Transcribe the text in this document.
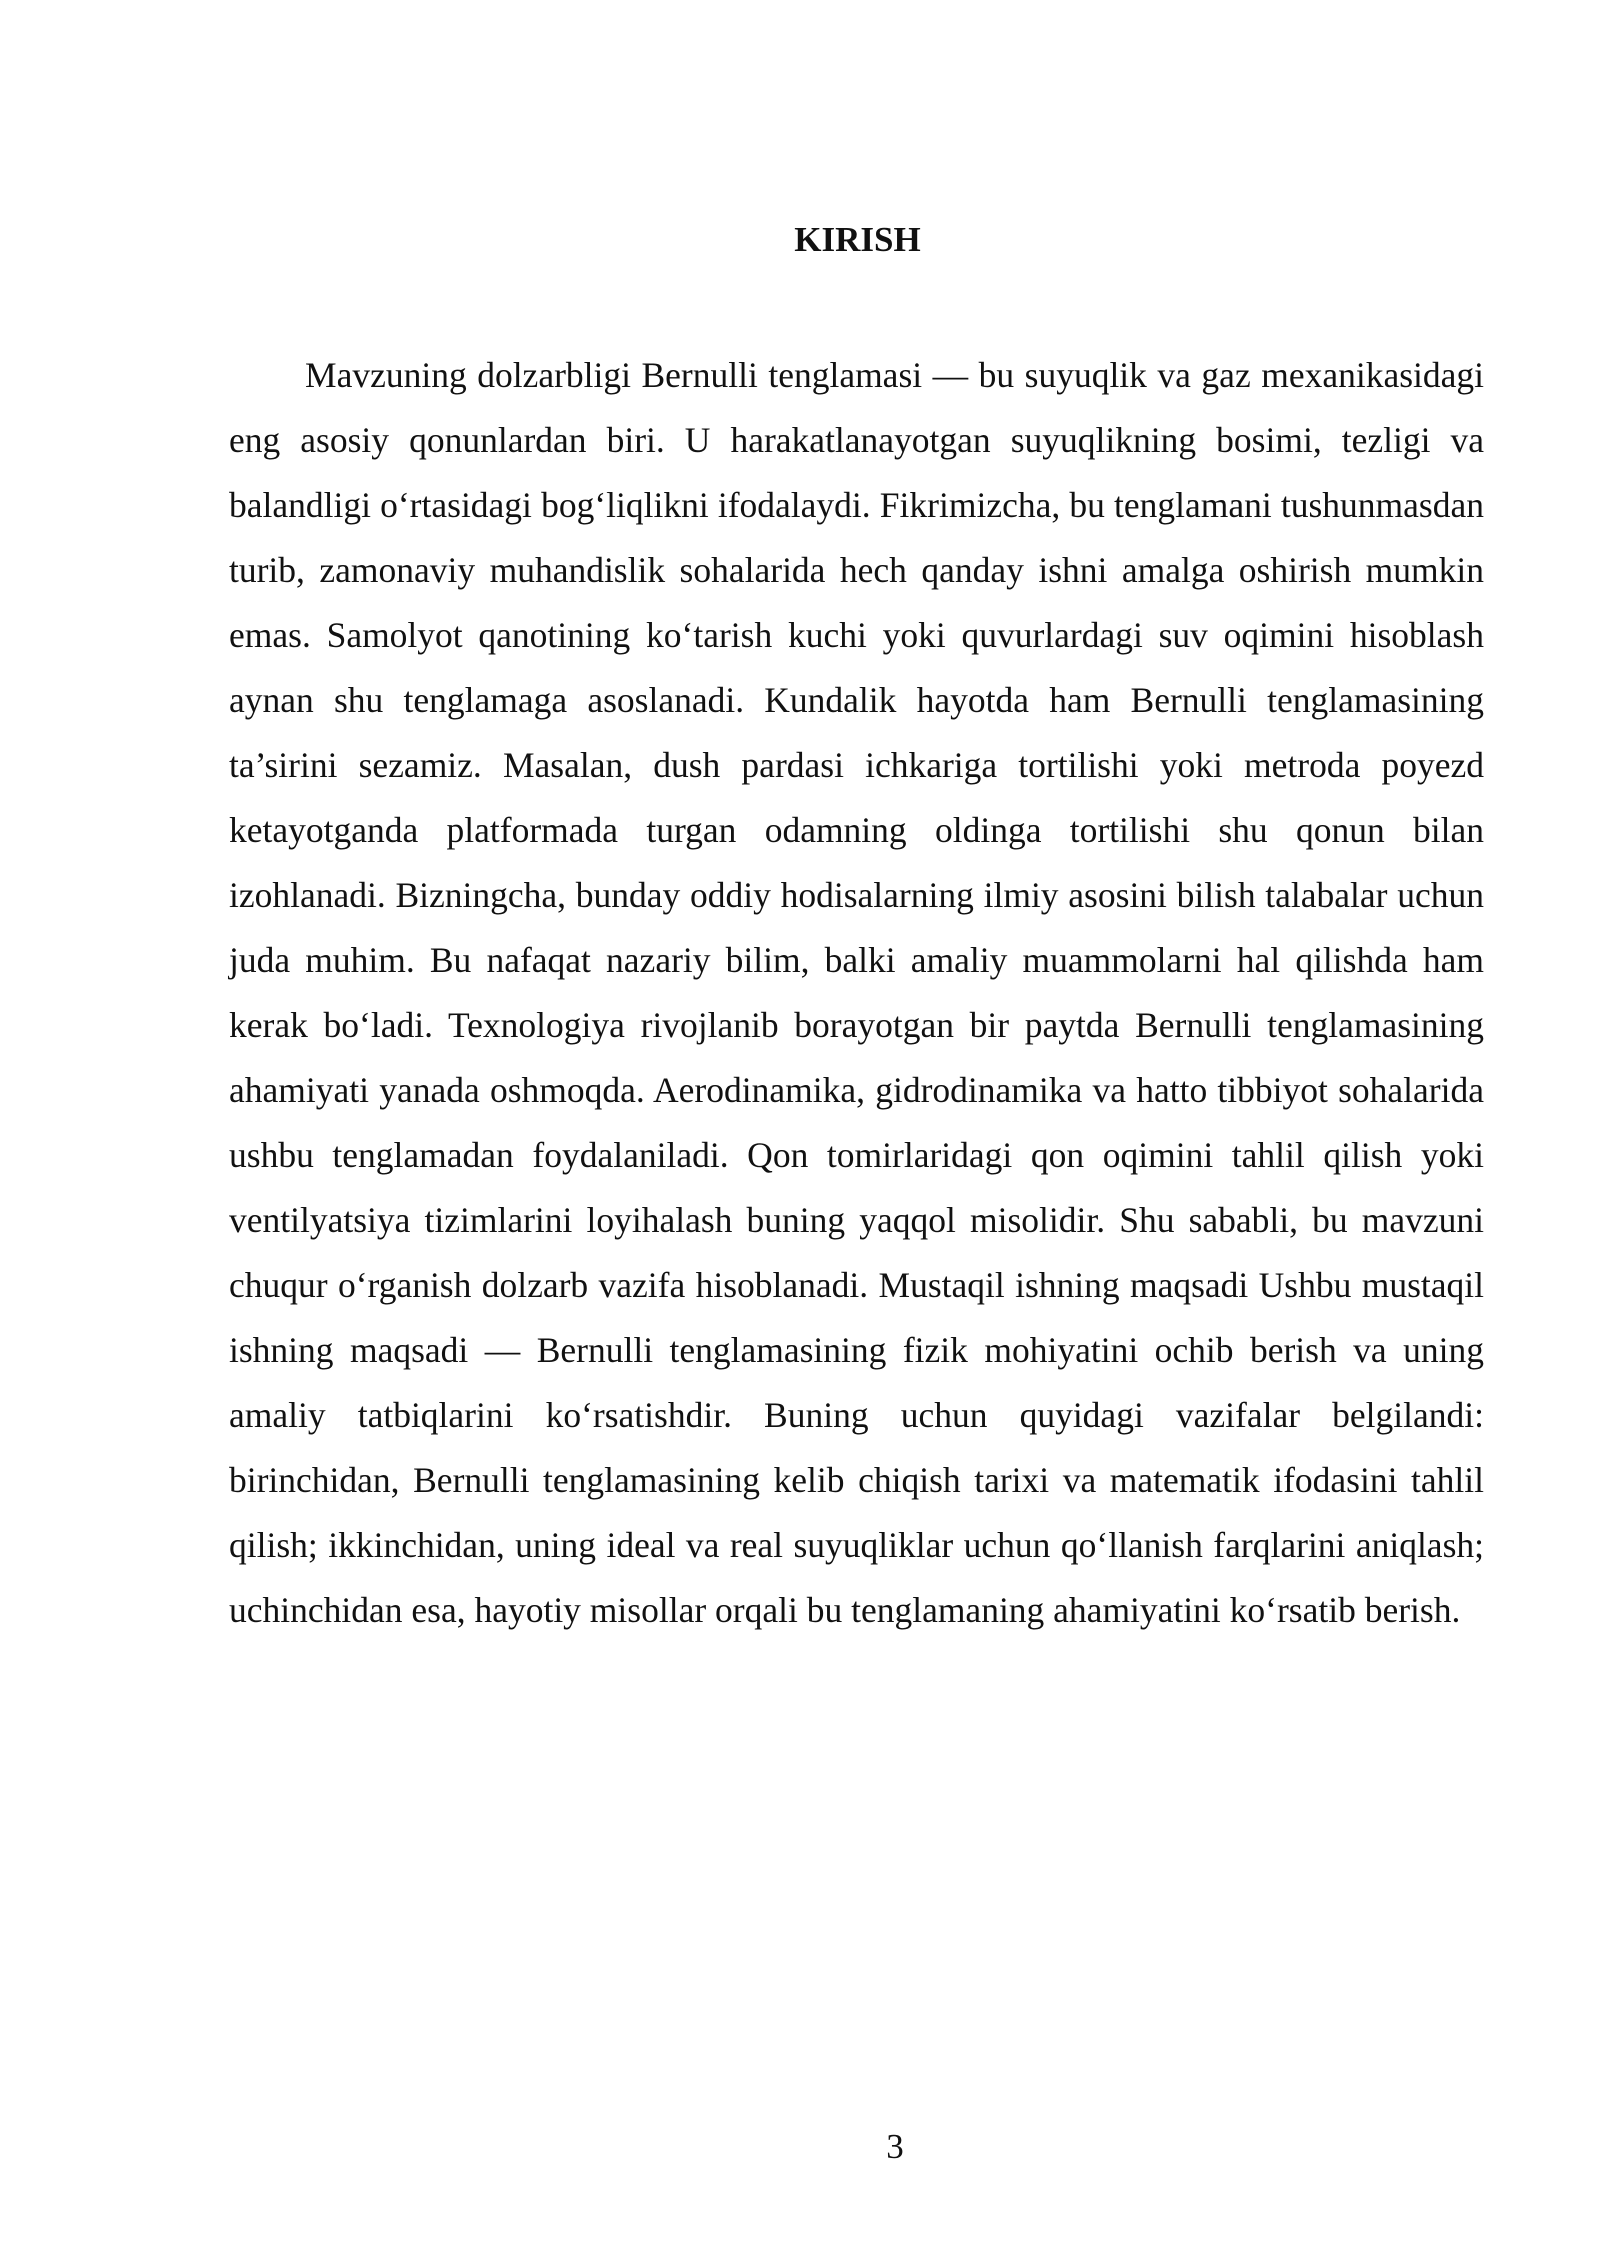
KIRISH

Mavzuning dolzarbligi Bernulli tenglamasi — bu suyuqlik va gaz mexanikasidagi eng asosiy qonunlardan biri. U harakatlanayotgan suyuqlikning bosimi, tezligi va balandligi o‘rtasidagi bog‘liqlikni ifodalaydi. Fikrimizcha, bu tenglamani tushunmasdan turib, zamonaviy muhandislik sohalarida hech qanday ishni amalga oshirish mumkin emas. Samolyot qanotining ko‘tarish kuchi yoki quvurlardagi suv oqimini hisoblash aynan shu tenglamaga asoslanadi. Kundalik hayotda ham Bernulli tenglamasining ta’sirini sezamiz. Masalan, dush pardasi ichkariga tortilishi yoki metroda poyezd ketayotganda platformada turgan odamning oldinga tortilishi shu qonun bilan izohlanadi. Bizningcha, bunday oddiy hodisalarning ilmiy asosini bilish talabalar uchun juda muhim. Bu nafaqat nazariy bilim, balki amaliy muammolarni hal qilishda ham kerak bo‘ladi. Texnologiya rivojlanib borayotgan bir paytda Bernulli tenglamasining ahamiyati yanada oshmoqda. Aerodinamika, gidrodinamika va hatto tibbiyot sohalarida ushbu tenglamadan foydalaniladi. Qon tomirlaridagi qon oqimini tahlil qilish yoki ventilyatsiya tizimlarini loyihalash buning yaqqol misolidir. Shu sababli, bu mavzuni chuqur o‘rganish dolzarb vazifa hisoblanadi. Mustaqil ishning maqsadi Ushbu mustaqil ishning maqsadi — Bernulli tenglamasining fizik mohiyatini ochib berish va uning amaliy tatbiqlarini ko‘rsatishdir. Buning uchun quyidagi vazifalar belgilandi: birinchidan, Bernulli tenglamasining kelib chiqish tarixi va matematik ifodasini tahlil qilish; ikkinchidan, uning ideal va real suyuqliklar uchun qo‘llanish farqlarini aniqlash; uchinchidan esa, hayotiy misollar orqali bu tenglamaning ahamiyatini ko‘rsatib berish.

3
